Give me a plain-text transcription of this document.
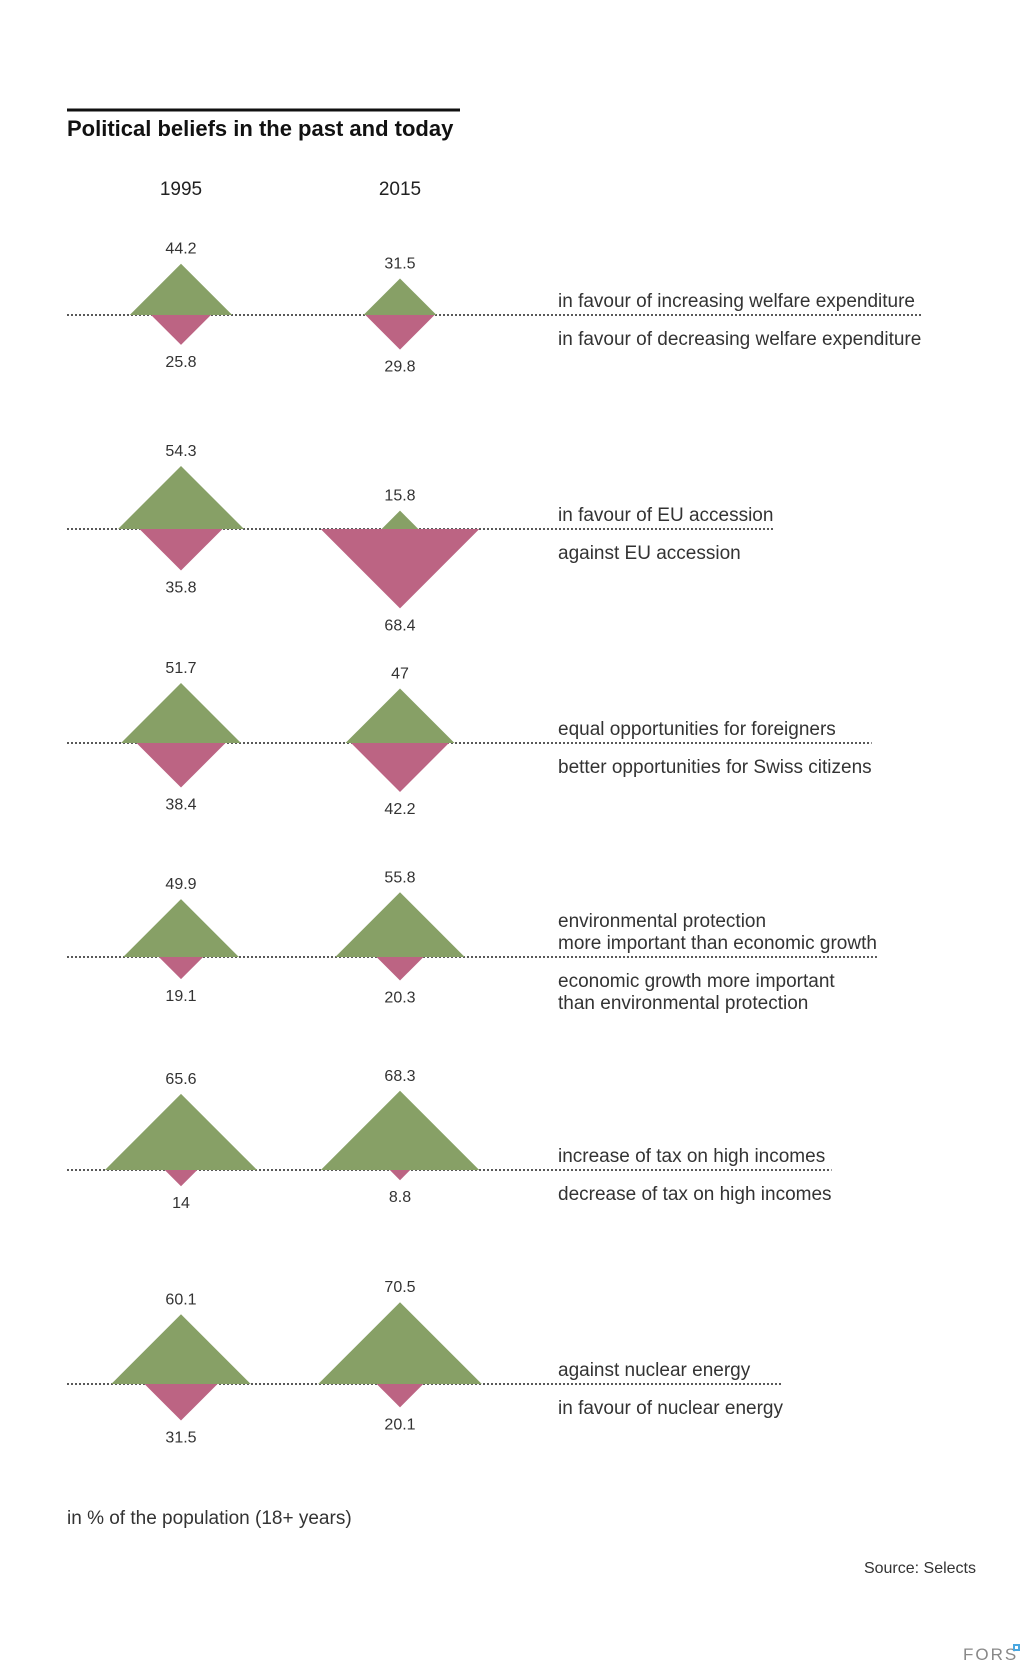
Political beliefs in the past and today
1995	2015
in favour of increasing welfare expenditure
in favour of decreasing welfare expenditure
44.2
25.8
31.5
29.8
in favour of EU accession
against EU accession
54.3
35.8
15.8
68.4
equal opportunities for foreigners
better opportunities for Swiss citizens
51.7
38.4
47
42.2
environmental protection
more important than economic growth
economic growth more important
than environmental protection
49.9
19.1
55.8
20.3
increase of tax on high incomes
decrease of tax on high incomes
65.6
14
68.3
8.8
against nuclear energy
in favour of nuclear energy
60.1
31.5
70.5
20.1
in % of the population (18+ years)
Source: Selects
FORS
